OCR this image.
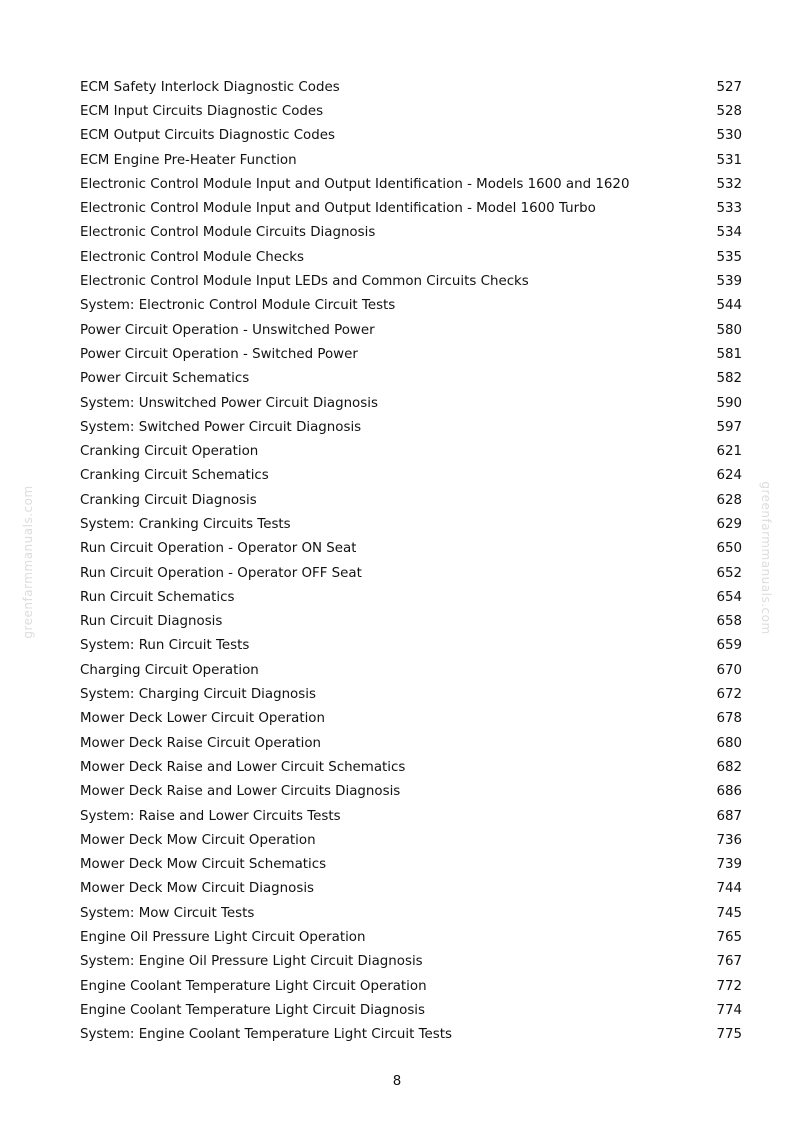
greenfarmmanuals.com	greenfarmmanuals.com
ECM Safety Interlock Diagnostic Codes	527
ECM Input Circuits Diagnostic Codes	528
ECM Output Circuits Diagnostic Codes	530
ECM Engine Pre-Heater Function	531
Electronic Control Module Input and Output Identification - Models 1600 and 1620	532
Electronic Control Module Input and Output Identification - Model 1600 Turbo	533
Electronic Control Module Circuits Diagnosis	534
Electronic Control Module Checks	535
Electronic Control Module Input LEDs and Common Circuits Checks	539
System: Electronic Control Module Circuit Tests	544
Power Circuit Operation - Unswitched Power	580
Power Circuit Operation - Switched Power	581
Power Circuit Schematics	582
System: Unswitched Power Circuit Diagnosis	590
System: Switched Power Circuit Diagnosis	597
Cranking Circuit Operation	621
Cranking Circuit Schematics	624
Cranking Circuit Diagnosis	628
System: Cranking Circuits Tests	629
Run Circuit Operation - Operator ON Seat	650
Run Circuit Operation - Operator OFF Seat	652
Run Circuit Schematics	654
Run Circuit Diagnosis	658
System: Run Circuit Tests	659
Charging Circuit Operation	670
System: Charging Circuit Diagnosis	672
Mower Deck Lower Circuit Operation	678
Mower Deck Raise Circuit Operation	680
Mower Deck Raise and Lower Circuit Schematics	682
Mower Deck Raise and Lower Circuits Diagnosis	686
System: Raise and Lower Circuits Tests	687
Mower Deck Mow Circuit Operation	736
Mower Deck Mow Circuit Schematics	739
Mower Deck Mow Circuit Diagnosis	744
System: Mow Circuit Tests	745
Engine Oil Pressure Light Circuit Operation	765
System: Engine Oil Pressure Light Circuit Diagnosis	767
Engine Coolant Temperature Light Circuit Operation	772
Engine Coolant Temperature Light Circuit Diagnosis	774
System: Engine Coolant Temperature Light Circuit Tests	775
8
